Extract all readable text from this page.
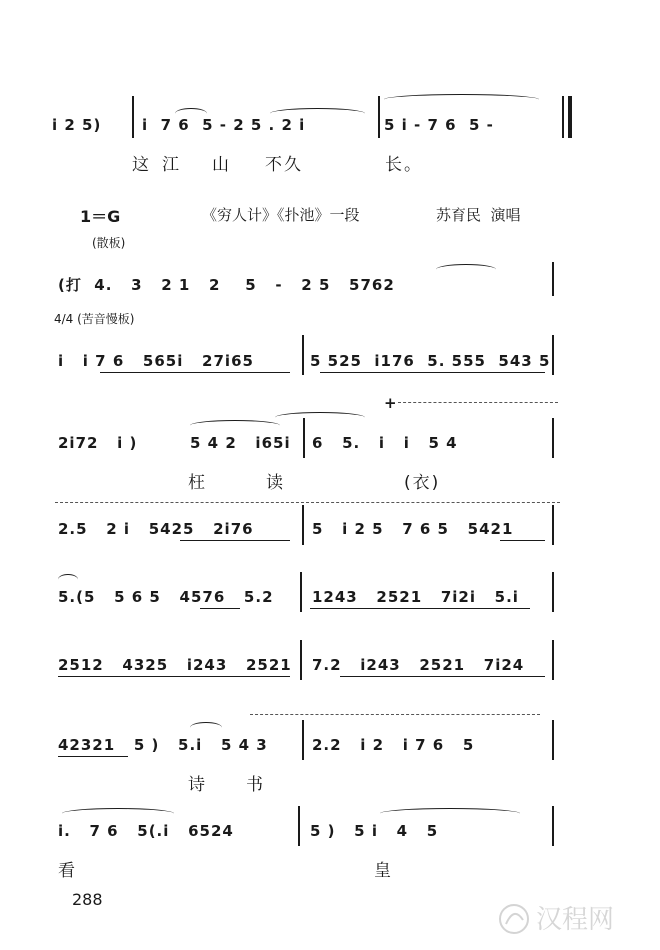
i 2 5)	i  7 6  5 - 2 5 . 2 i	5 i - 7 6  5 -
这 江 山 不久	长。
1＝G	《穷人计》《扑池》一段	苏育民  演唱
(散板)
(打  4.   3   2 1   2    5   -   2 5   5762
4/4 (苦音慢板)
i   i 7 6   565i   27i65	5 525  i176  5. 555  543 5
+
2i72   i )	5 4 2   i65i 6   5.   i   i   5 4
枉	读	(衣)
2.5   2 i   5425   2i76	5   i 2 5   7 6 5   5421
5.(5   5 6 5   4576   5.2	1243   2521   7i2i   5.i
2512   4325   i243   2521 7.2   i243   2521   7i24
42321   5 )   5.i   5 4 3	2.2   i 2   i 7 6   5
诗 书
i.   7 6   5(.i   6524	5 )   5 i   4   5
看	皇
288
汉程网
